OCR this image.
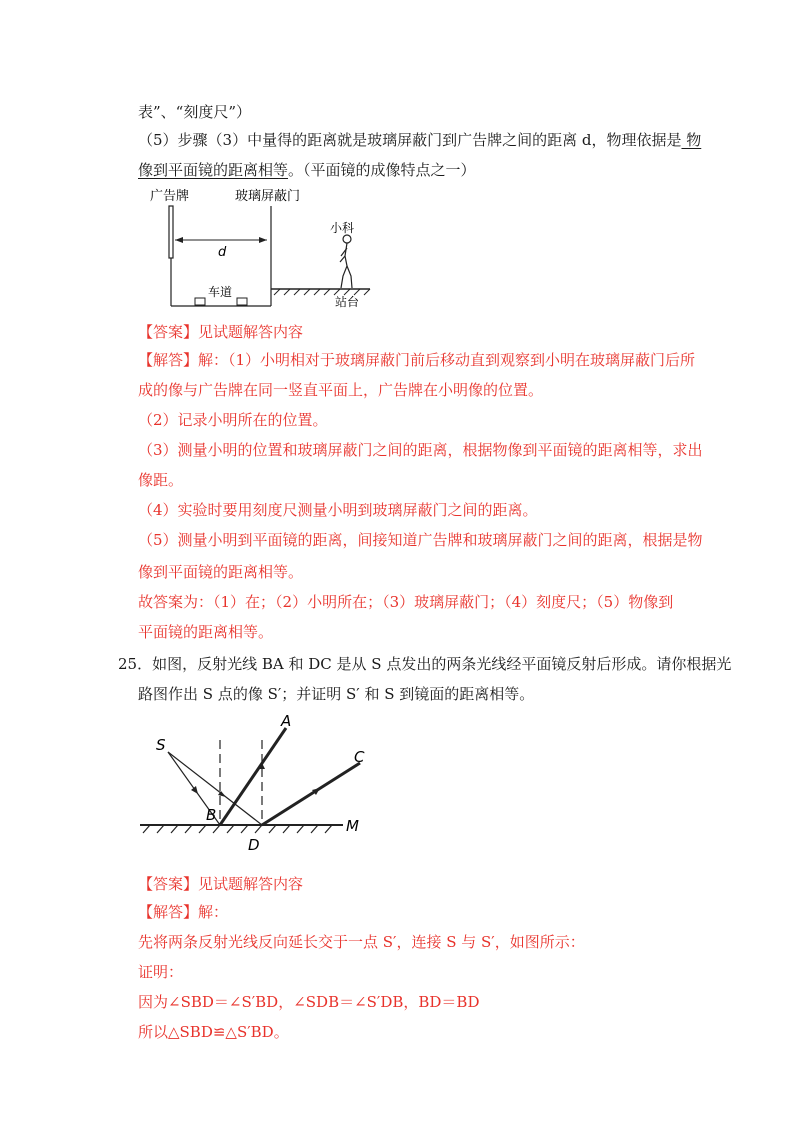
表”、“刻度尺”）
（5）步骤（3）中量得的距离就是玻璃屏蔽门到广告牌之间的距离 d，物理依据是 物
像到平面镜的距离相等。（平面镜的成像特点之一）
广告牌	玻璃屏蔽门
d
车道
小科
站台
【答案】见试题解答内容
【解答】解：（1）小明相对于玻璃屏蔽门前后移动直到观察到小明在玻璃屏蔽门后所
成的像与广告牌在同一竖直平面上，广告牌在小明像的位置。
（2）记录小明所在的位置。
（3）测量小明的位置和玻璃屏蔽门之间的距离，根据物像到平面镜的距离相等，求出
像距。
（4）实验时要用刻度尺测量小明到玻璃屏蔽门之间的距离。
（5）测量小明到平面镜的距离，间接知道广告牌和玻璃屏蔽门之间的距离，根据是物
像到平面镜的距离相等。
故答案为：（1）在；（2）小明所在；（3）玻璃屏蔽门；（4）刻度尺；（5）物像到
平面镜的距离相等。
25．如图，反射光线 BA 和 DC 是从 S 点发出的两条光线经平面镜反射后形成。请你根据光
路图作出 S 点的像 S′；并证明 S′ 和 S 到镜面的距离相等。
S
A
B
C
D
M
【答案】见试题解答内容
【解答】解：
先将两条反射光线反向延长交于一点 S′，连接 S 与 S′，如图所示：
证明：
因为∠SBD＝∠S′BD，∠SDB＝∠S′DB，BD＝BD
所以△SBD≌△S′BD。
